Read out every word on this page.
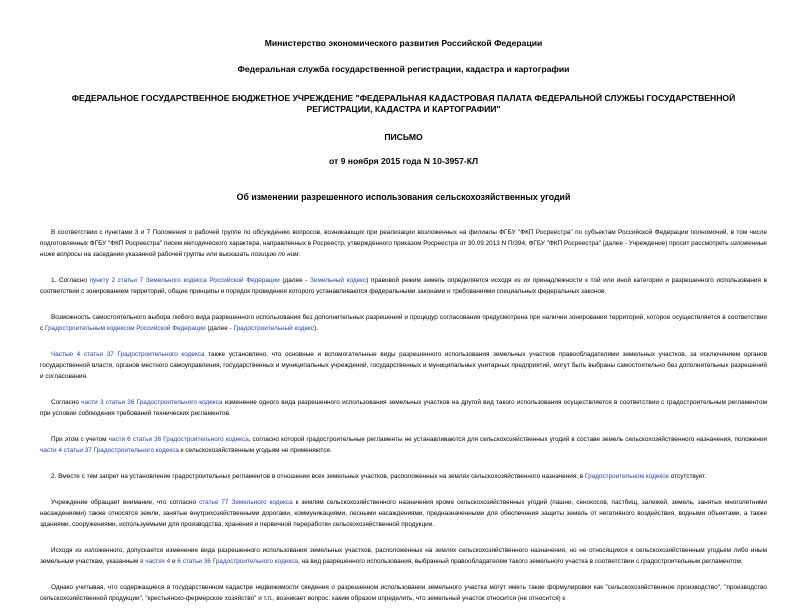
Министерство экономического развития Российской Федерации
Федеральная служба государственной регистрации, кадастра и картографии
ФЕДЕРАЛЬНОЕ ГОСУДАРСТВЕННОЕ БЮДЖЕТНОЕ УЧРЕЖДЕНИЕ "ФЕДЕРАЛЬНАЯ КАДАСТРОВАЯ ПАЛАТА ФЕДЕРАЛЬНОЙ СЛУЖБЫ ГОСУДАРСТВЕННОЙ РЕГИСТРАЦИИ, КАДАСТРА И КАРТОГРАФИИ"
ПИСЬМО
от 9 ноября 2015 года N 10-3957-КЛ
Об изменении разрешенного использования сельскохозяйственных угодий

В соответствии с пунктами 3 и 7 Положения о рабочей группе по обсуждению вопросов, возникающих при реализации возложенных на филиалы ФГБУ "ФКП Росреестра" по субъектам Российской Федерации полномочий, в том числе подготовленных ФГБУ "ФКП Росреестра" писем методического характера, направленных в Росреестр, утвержденного приказом Росреестра от 30.09.2013 N П/394, ФГБУ "ФКП Росреестра" (далее - Учреждение) просит рассмотреть изложенные ниже вопросы на заседании указанной рабочей группы или высказать позицию по ним.

1. Согласно пункту 2 статьи 7 Земельного кодекса Российской Федерации (далее - Земельный кодекс) правовой режим земель определяется исходя из их принадлежности к той или иной категории и разрешенного использования в соответствии с зонированием территорий, общие принципы и порядок проведения которого устанавливаются федеральными законами и требованиями специальных федеральных законов.

Возможность самостоятельного выбора любого вида разрешенного использования без дополнительных разрешений и процедур согласования предусмотрена при наличии зонирования территорий, которое осуществляется в соответствии с Градостроительным кодексом Российской Федерации (далее - Градостроительный кодекс).

Частью 4 статьи 37 Градостроительного кодекса также установлено, что основные и вспомогательные виды разрешенного использования земельных участков правообладателями земельных участков, за исключением органов государственной власти, органов местного самоуправления, государственных и муниципальных учреждений, государственных и муниципальных унитарных предприятий, могут быть выбраны самостоятельно без дополнительных разрешений и согласования.

Согласно части 3 статьи 36 Градостроительного кодекса изменение одного вида разрешенного использования земельных участков на другой вид такого использования осуществляется в соответствии с градостроительным регламентом при условии соблюдения требований технических регламентов.

При этом с учетом части 6 статьи 36 Градостроительного кодекса, согласно которой градостроительные регламенты не устанавливаются для сельскохозяйственных угодий в составе земель сельскохозяйственного назначения, положения части 4 статьи 37 Градостроительного кодекса к сельскохозяйственным угодьям не применяются.

2. Вместе с тем запрет на установление градостроительных регламентов в отношении всех земельных участков, расположенных на землях сельскохозяйственного назначения, в Градостроительном кодексе отсутствует.

Учреждение обращает внимание, что согласно статье 77 Земельного кодекса к землям сельскохозяйственного назначения кроме сельскохозяйственных угодий (пашни, сенокосов, пастбищ, залежей, земель, занятых многолетними насаждениями) также относятся земли, занятые внутрихозяйственными дорогами, коммуникациями, лесными насаждениями, предназначенными для обеспечения защиты земель от негативного воздействия, водными объектами, а также зданиями, сооружениями, используемыми для производства, хранения и первичной переработки сельскохозяйственной продукции.

Исходя из изложенного, допускается изменение вида разрешенного использования земельных участков, расположенных на землях сельскохозяйственного назначения, но не относящихся к сельскохозяйственным угодьям либо иным земельным участкам, указанным в частях 4 и 6 статьи 36 Градостроительного кодекса, на вид разрешенного использования, выбранный правообладателем такого земельного участка в соответствии с градостроительным регламентом.

Однако учитывая, что содержащиеся в государственном кадастре недвижимости сведения о разрешенном использовании земельного участка могут иметь такие формулировки как "сельскохозяйственное производство", "производство сельскохозяйственной продукции", "крестьянско-фермерское хозяйство" и т.п., возникает вопрос: каким образом определить, что земельный участок относится (не относится) к
